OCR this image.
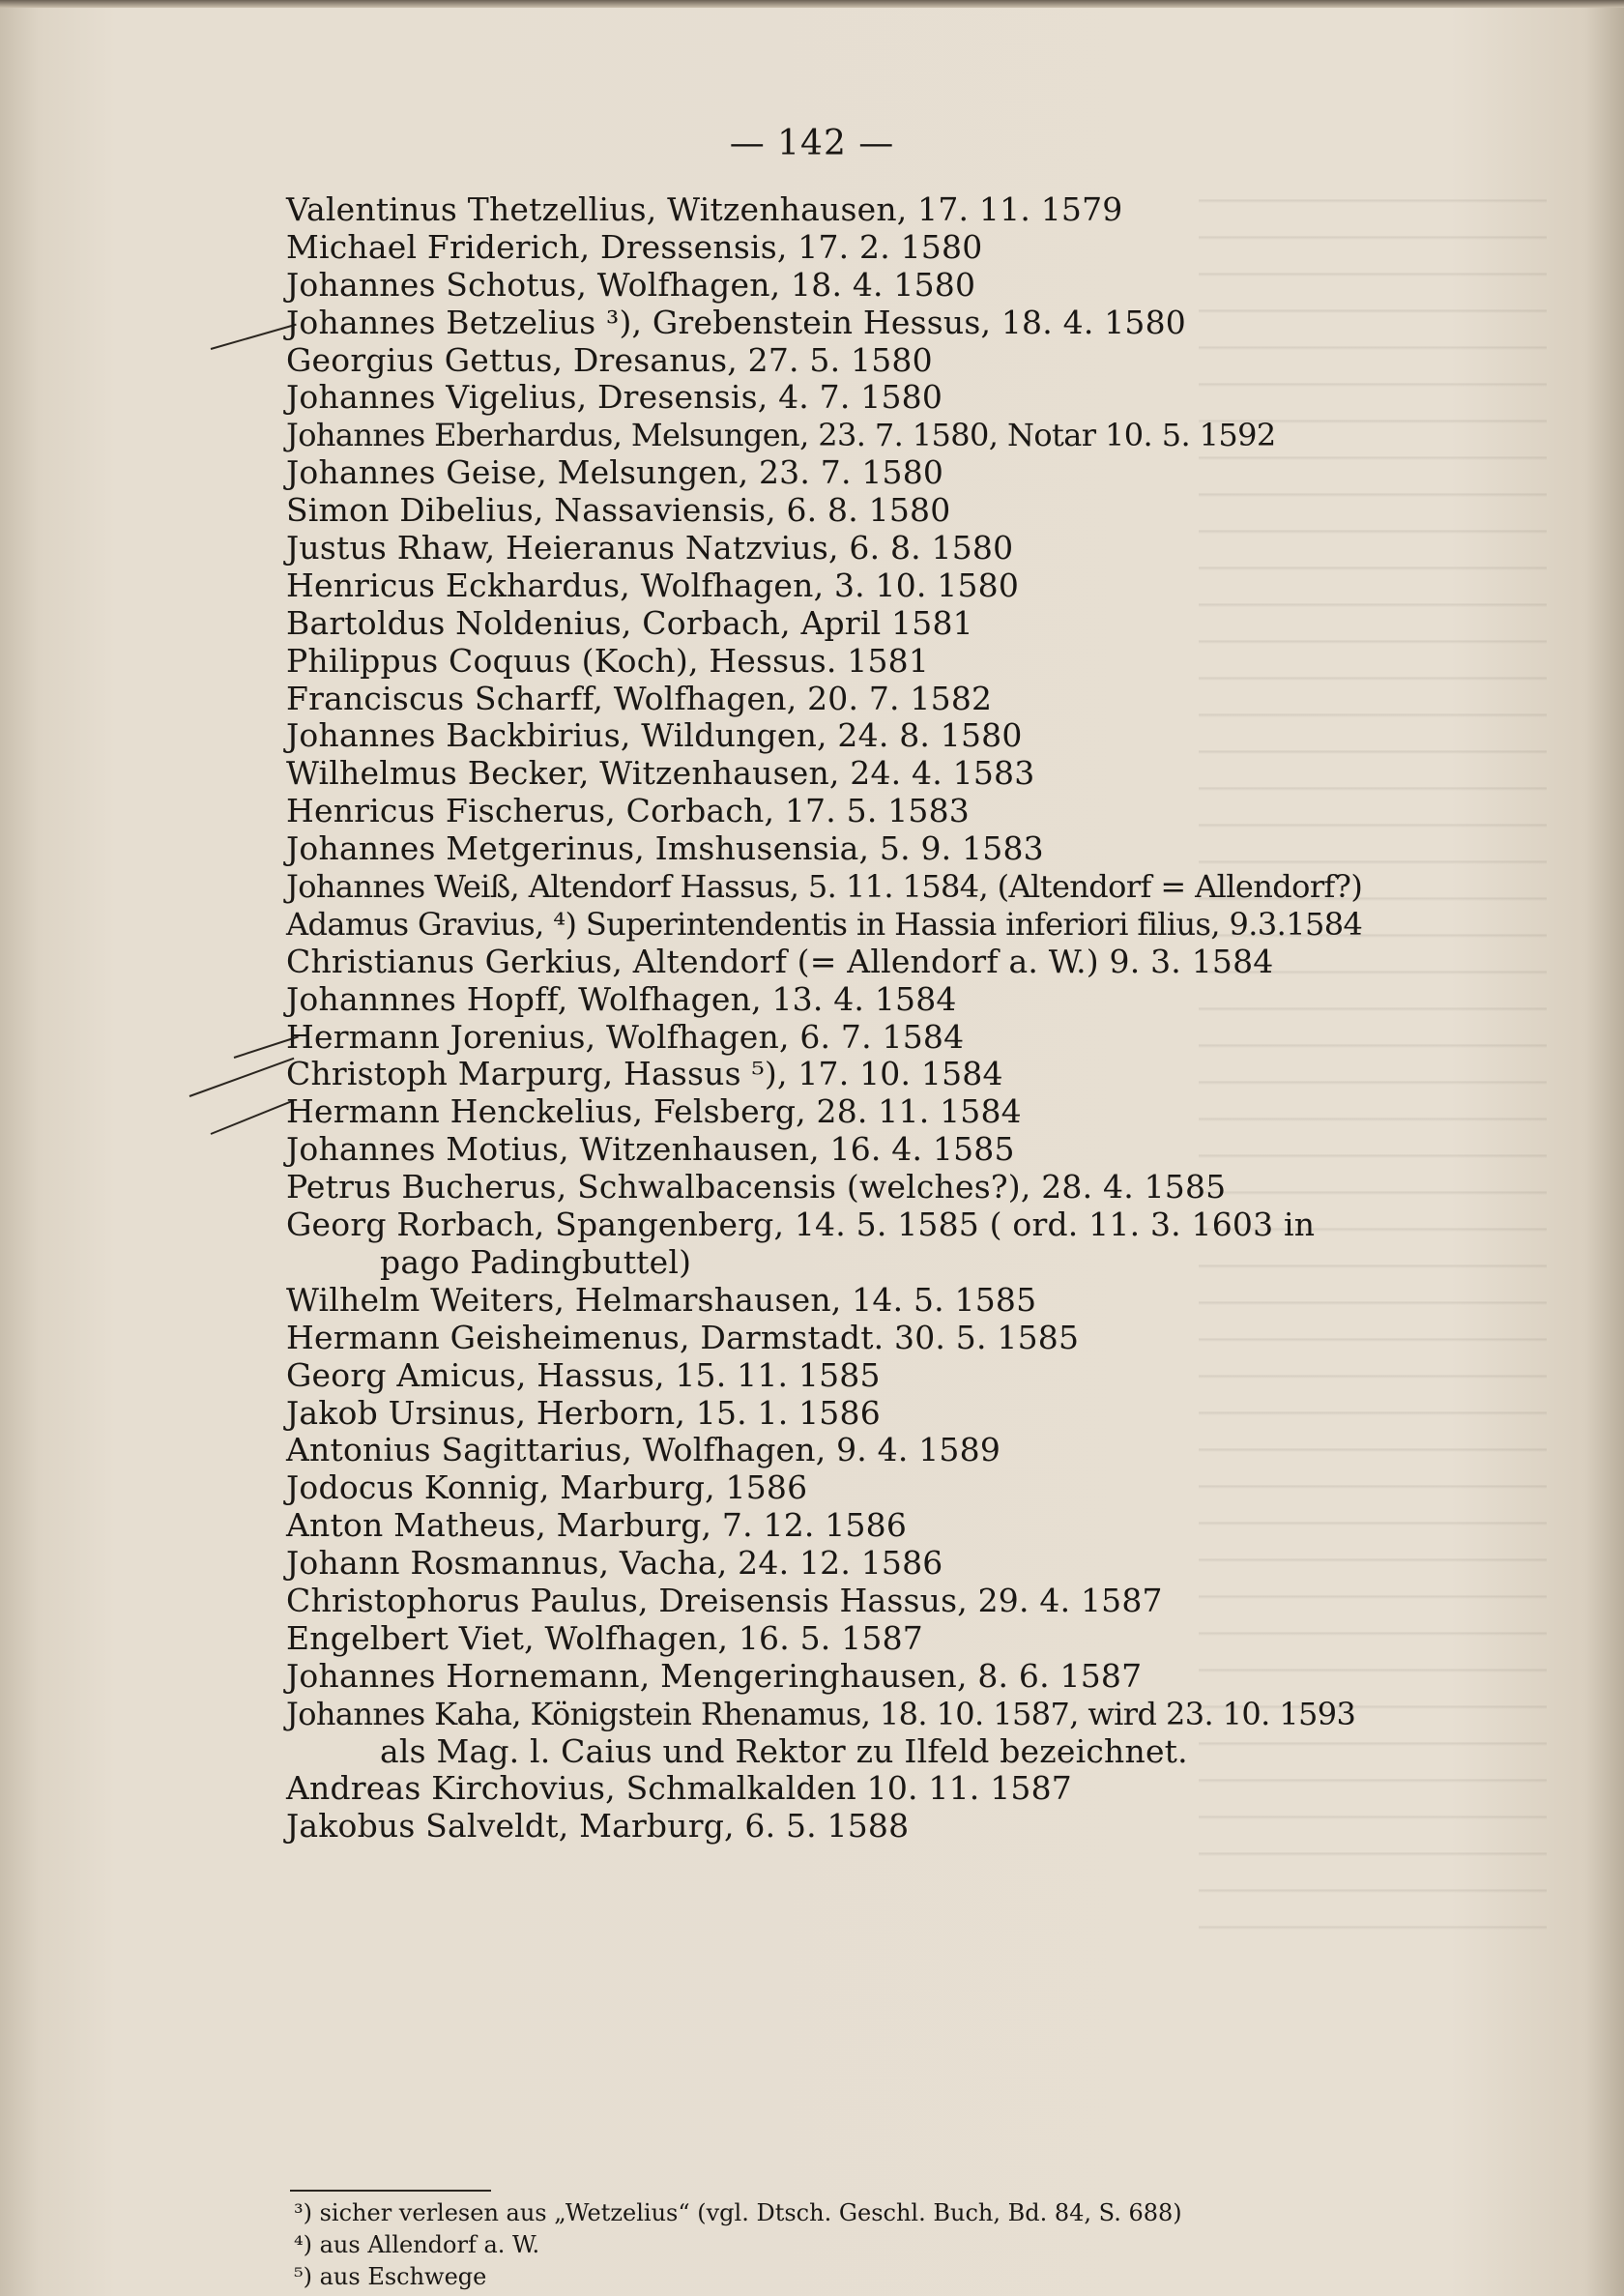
— 142 —
Valentinus Thetzellius, Witzenhausen, 17. 11. 1579
Michael Friderich, Dressensis, 17. 2. 1580
Johannes Schotus, Wolfhagen, 18. 4. 1580
Johannes Betzelius ³), Grebenstein Hessus, 18. 4. 1580
Georgius Gettus, Dresanus, 27. 5. 1580
Johannes Vigelius, Dresensis, 4. 7. 1580
Johannes Eberhardus, Melsungen, 23. 7. 1580, Notar 10. 5. 1592
Johannes Geise, Melsungen, 23. 7. 1580
Simon Dibelius, Nassaviensis, 6. 8. 1580
Justus Rhaw, Heieranus Natzvius, 6. 8. 1580
Henricus Eckhardus, Wolfhagen, 3. 10. 1580
Bartoldus Noldenius, Corbach, April 1581
Philippus Coquus (Koch), Hessus. 1581
Franciscus Scharff, Wolfhagen, 20. 7. 1582
Johannes Backbirius, Wildungen, 24. 8. 1580
Wilhelmus Becker, Witzenhausen, 24. 4. 1583
Henricus Fischerus, Corbach, 17. 5. 1583
Johannes Metgerinus, Imshusensia, 5. 9. 1583
Johannes Weiß, Altendorf Hassus, 5. 11. 1584, (Altendorf = Allendorf?)
Adamus Gravius, ⁴) Superintendentis in Hassia inferiori filius, 9.3.1584
Christianus Gerkius, Altendorf (= Allendorf a. W.) 9. 3. 1584
Johannnes Hopff, Wolfhagen, 13. 4. 1584
Hermann Jorenius, Wolfhagen, 6. 7. 1584
Christoph Marpurg, Hassus ⁵), 17. 10. 1584
Hermann Henckelius, Felsberg, 28. 11. 1584
Johannes Motius, Witzenhausen, 16. 4. 1585
Petrus Bucherus, Schwalbacensis (welches?), 28. 4. 1585
Georg Rorbach, Spangenberg, 14. 5. 1585 ( ord. 11. 3. 1603 in
pago Padingbuttel)
Wilhelm Weiters, Helmarshausen, 14. 5. 1585
Hermann Geisheimenus, Darmstadt. 30. 5. 1585
Georg Amicus, Hassus, 15. 11. 1585
Jakob Ursinus, Herborn, 15. 1. 1586
Antonius Sagittarius, Wolfhagen, 9. 4. 1589
Jodocus Konnig, Marburg, 1586
Anton Matheus, Marburg, 7. 12. 1586
Johann Rosmannus, Vacha, 24. 12. 1586
Christophorus Paulus, Dreisensis Hassus, 29. 4. 1587
Engelbert Viet, Wolfhagen, 16. 5. 1587
Johannes Hornemann, Mengeringhausen, 8. 6. 1587
Johannes Kaha, Königstein Rhenamus, 18. 10. 1587, wird 23. 10. 1593
als Mag. l. Caius und Rektor zu Ilfeld bezeichnet.
Andreas Kirchovius, Schmalkalden 10. 11. 1587
Jakobus Salveldt, Marburg, 6. 5. 1588
³) sicher verlesen aus „Wetzelius“ (vgl. Dtsch. Geschl. Buch, Bd. 84, S. 688)
⁴) aus Allendorf a. W.
⁵) aus Eschwege
